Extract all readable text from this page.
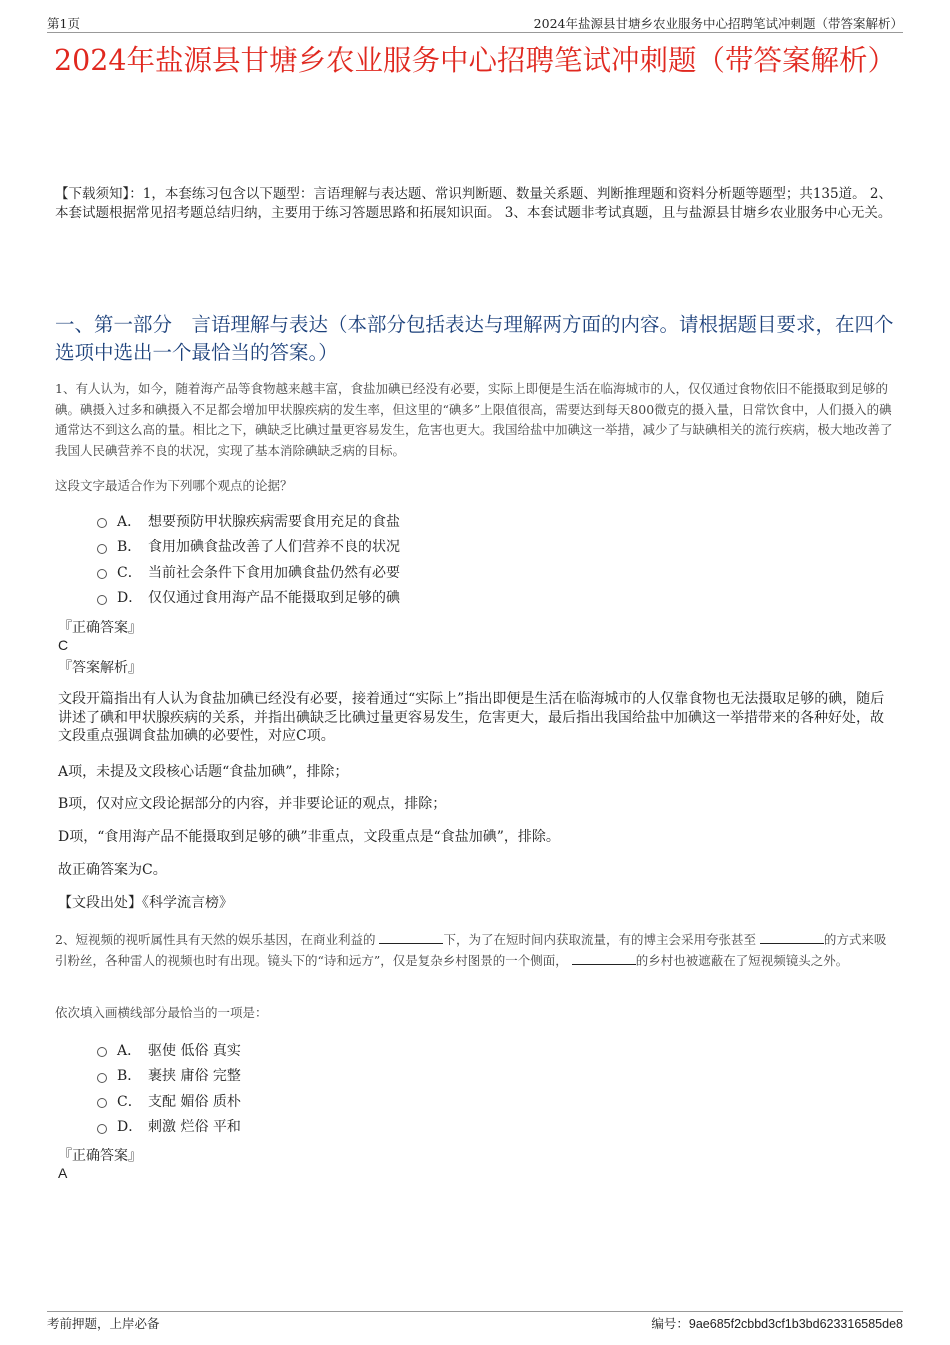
第1页	2024年盐源县甘塘乡农业服务中心招聘笔试冲刺题（带答案解析）
2024年盐源县甘塘乡农业服务中心招聘笔试冲刺题（带答案解析）
【下载须知】：1，本套练习包含以下题型：言语理解与表达题、常识判断题、数量关系题、判断推理题和资料分析题等题型；共135道。 2、本套试题根据常见招考题总结归纳，主要用于练习答题思路和拓展知识面。 3、本套试题非考试真题，且与盐源县甘塘乡农业服务中心无关。
一、第一部分　言语理解与表达（本部分包括表达与理解两方面的内容。请根据题目要求，在四个选项中选出一个最恰当的答案。）
1、有人认为，如今，随着海产品等食物越来越丰富，食盐加碘已经没有必要，实际上即便是生活在临海城市的人，仅仅通过食物依旧不能摄取到足够的碘。碘摄入过多和碘摄入不足都会增加甲状腺疾病的发生率，但这里的“碘多”上限值很高，需要达到每天800微克的摄入量，日常饮食中，人们摄入的碘通常达不到这么高的量。相比之下，碘缺乏比碘过量更容易发生，危害也更大。我国给盐中加碘这一举措，减少了与缺碘相关的流行疾病，极大地改善了我国人民碘营养不良的状况，实现了基本消除碘缺乏病的目标。
这段文字最适合作为下列哪个观点的论据？
A． 想要预防甲状腺疾病需要食用充足的食盐
B． 食用加碘食盐改善了人们营养不良的状况
C． 当前社会条件下食用加碘食盐仍然有必要
D． 仅仅通过食用海产品不能摄取到足够的碘
『正确答案』
C
『答案解析』
文段开篇指出有人认为食盐加碘已经没有必要，接着通过“实际上”指出即便是生活在临海城市的人仅靠食物也无法摄取足够的碘，随后讲述了碘和甲状腺疾病的关系，并指出碘缺乏比碘过量更容易发生，危害更大，最后指出我国给盐中加碘这一举措带来的各种好处，故文段重点强调食盐加碘的必要性，对应C项。
A项，未提及文段核心话题“食盐加碘”，排除；
B项，仅对应文段论据部分的内容，并非要论证的观点，排除；
D项，“食用海产品不能摄取到足够的碘”非重点，文段重点是“食盐加碘”，排除。
故正确答案为C。
【文段出处】《科学流言榜》
2、短视频的视听属性具有天然的娱乐基因，在商业利益的	下，为了在短时间内获取流量，有的博主会采用夸张甚至	的方式来吸引粉丝，各种雷人的视频也时有出现。镜头下的“诗和远方”，仅是复杂乡村图景的一个侧面，	的乡村也被遮蔽在了短视频镜头之外。
依次填入画横线部分最恰当的一项是：
A． 驱使 低俗 真实
B． 裹挟 庸俗 完整
C． 支配 媚俗 质朴
D． 刺激 烂俗 平和
『正确答案』
A
考前押题，上岸必备	编号：9ae685f2cbbd3cf1b3bd623316585de8
